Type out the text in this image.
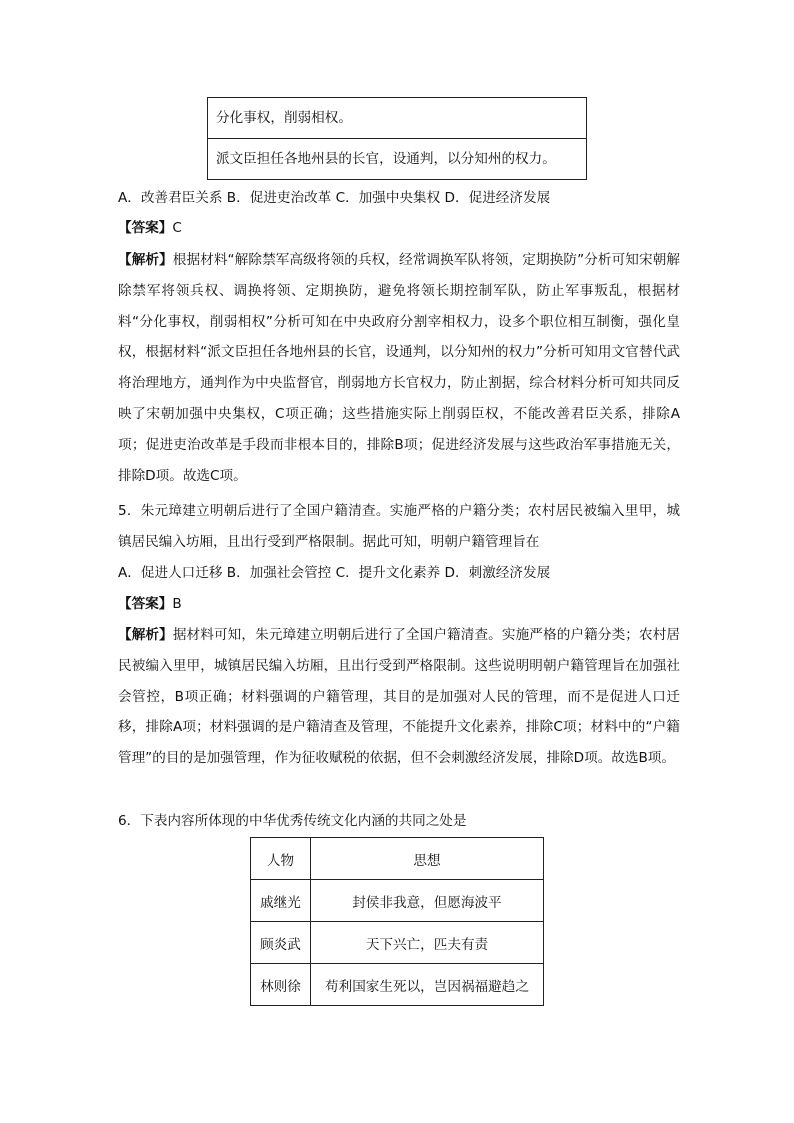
分化事权，削弱相权。
派文臣担任各地州县的长官，设通判，以分知州的权力。
A．改善君臣关系 B．促进吏治改革 C．加强中央集权 D．促进经济发展
【答案】C
【解析】根据材料“解除禁军高级将领的兵权，经常调换军队将领，定期换防”分析可知宋朝解除禁军将领兵权、调换将领、定期换防，避免将领长期控制军队，防止军事叛乱，根据材料“分化事权，削弱相权”分析可知在中央政府分割宰相权力，设多个职位相互制衡，强化皇权，根据材料“派文臣担任各地州县的长官，设通判，以分知州的权力”分析可知用文官替代武将治理地方，通判作为中央监督官，削弱地方长官权力，防止割据，综合材料分析可知共同反映了宋朝加强中央集权，C项正确；这些措施实际上削弱臣权，不能改善君臣关系，排除A项；促进吏治改革是手段而非根本目的，排除B项；促进经济发展与这些政治军事措施无关，排除D项。故选C项。
5．朱元璋建立明朝后进行了全国户籍清查。实施严格的户籍分类；农村居民被编入里甲，城镇居民编入坊厢，且出行受到严格限制。据此可知，明朝户籍管理旨在
A．促进人口迁移 B．加强社会管控 C．提升文化素养 D．刺激经济发展
【答案】B
【解析】据材料可知，朱元璋建立明朝后进行了全国户籍清查。实施严格的户籍分类；农村居民被编入里甲，城镇居民编入坊厢，且出行受到严格限制。这些说明明朝户籍管理旨在加强社会管控，B项正确；材料强调的户籍管理，其目的是加强对人民的管理，而不是促进人口迁移，排除A项；材料强调的是户籍清查及管理，不能提升文化素养，排除C项；材料中的“户籍管理”的目的是加强管理，作为征收赋税的依据，但不会刺激经济发展，排除D项。故选B项。
6．下表内容所体现的中华优秀传统文化内涵的共同之处是
人物	思想
戚继光	封侯非我意，但愿海波平
顾炎武	天下兴亡，匹夫有责
林则徐	苟利国家生死以，岂因祸福避趋之
